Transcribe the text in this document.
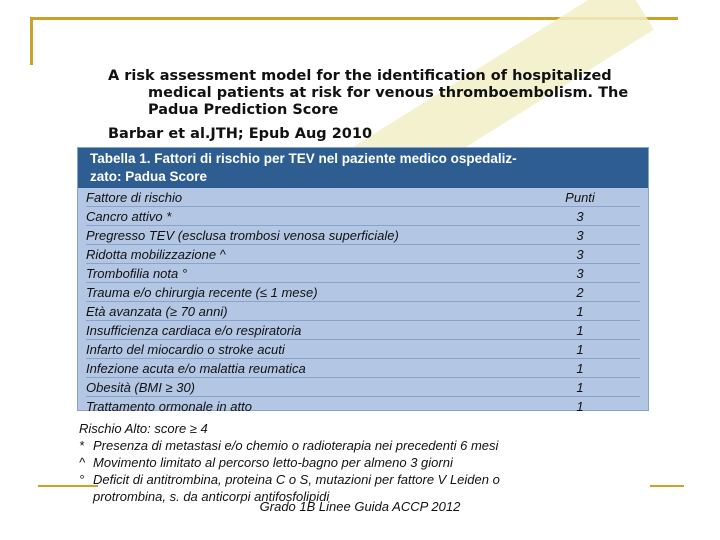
A risk assessment model for the identification of hospitalized
medical patients at risk for venous thromboembolism. The
Padua Prediction Score
Barbar et al.JTH; Epub Aug 2010
Tabella 1. Fattori di rischio per TEV nel paziente medico ospedaliz-
zato: Padua Score
Fattore di rischio	Punti
Cancro attivo *	3
Pregresso TEV (esclusa trombosi venosa superficiale)	3
Ridotta mobilizzazione ^	3
Trombofilia nota °	3
Trauma e/o chirurgia recente (≤ 1 mese)	2
Età avanzata (≥ 70 anni)	1
Insufficienza cardiaca e/o respiratoria	1
Infarto del miocardio o stroke acuti	1
Infezione acuta e/o malattia reumatica	1
Obesità (BMI ≥ 30)	1
Trattamento ormonale in atto	1
Rischio Alto: score ≥ 4
* Presenza di metastasi e/o chemio o radioterapia nei precedenti 6 mesi
^ Movimento limitato al percorso letto-bagno per almeno 3 giorni
° Deficit di antitrombina, proteina C o S, mutazioni per fattore V Leiden o
protrombina, s. da anticorpi antifosfolipidi
Grado 1B Linee Guida ACCP 2012
